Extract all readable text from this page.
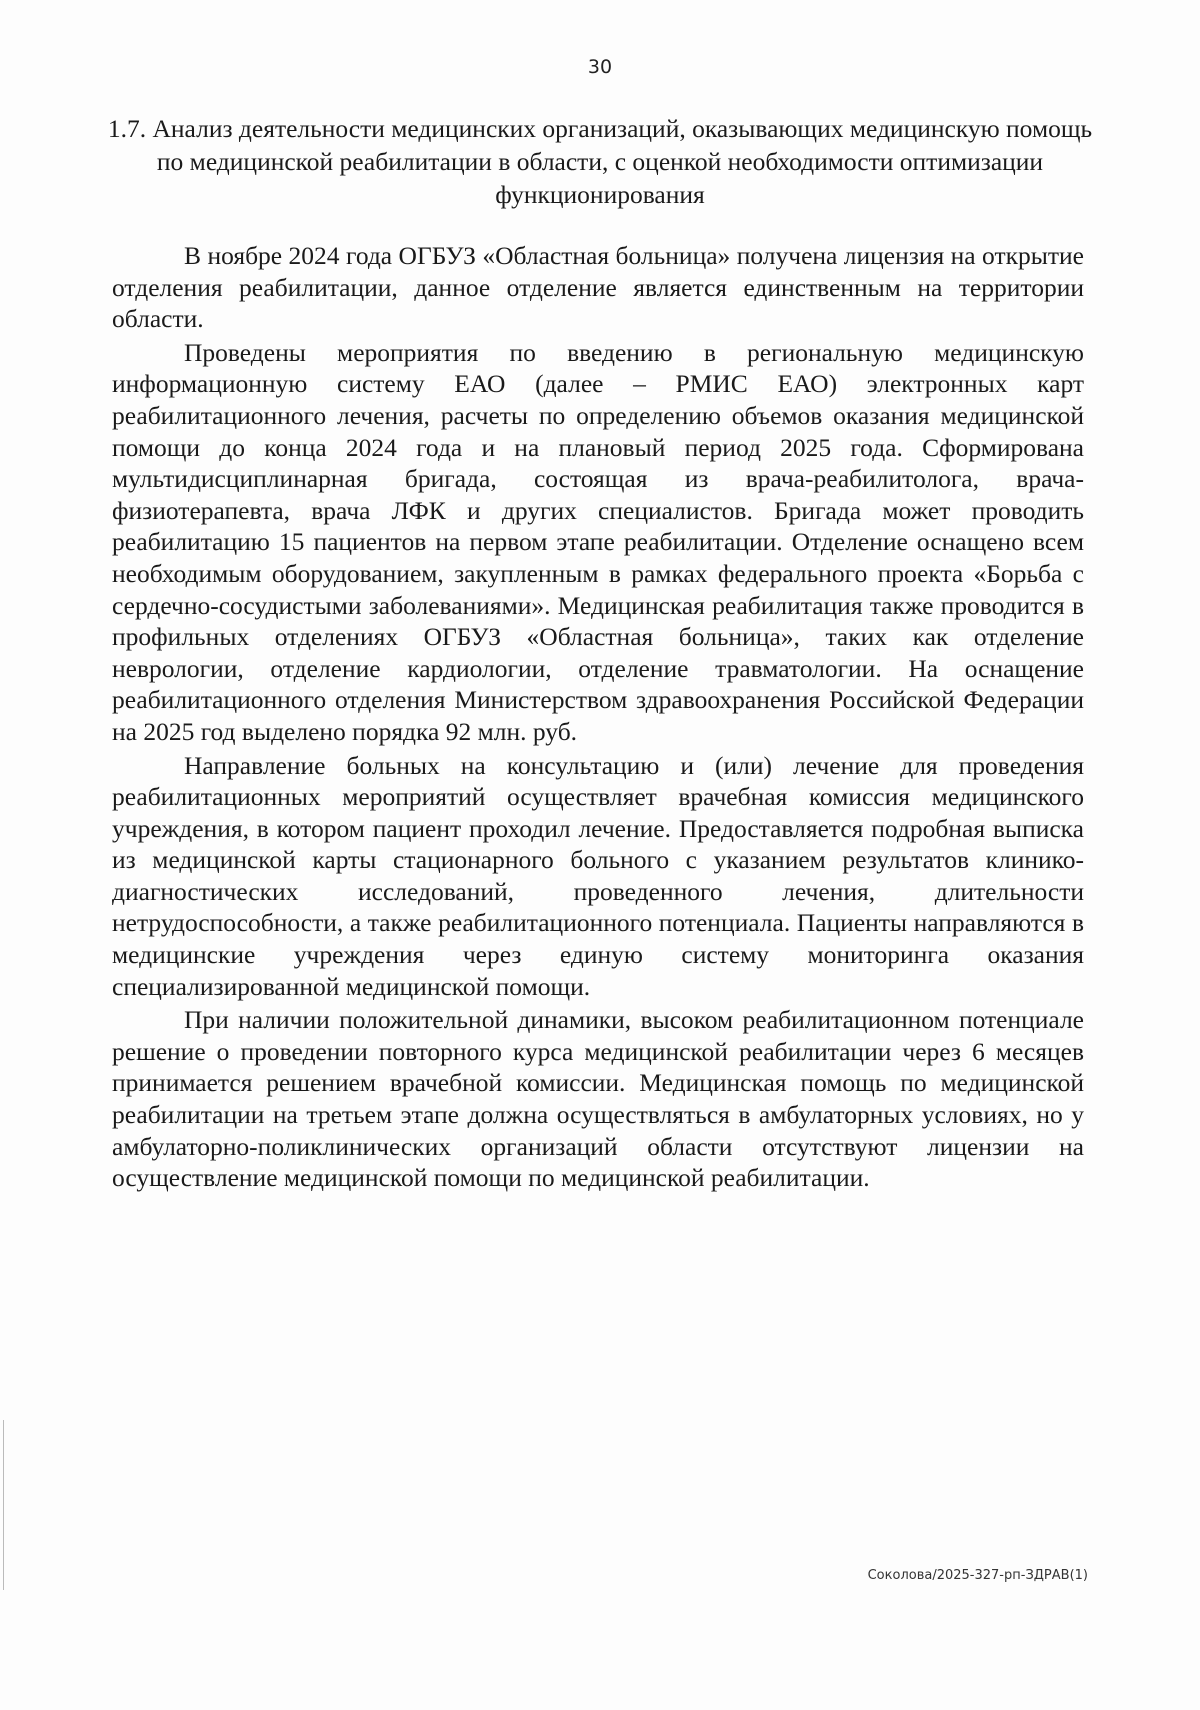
30
1.7. Анализ деятельности медицинских организаций, оказывающих медицинскую помощь по медицинской реабилитации в области, с оценкой необходимости оптимизации функционирования

В ноябре 2024 года ОГБУЗ «Областная больница» получена лицензия на открытие отделения реабилитации, данное отделение является единственным на территории области.

Проведены мероприятия по введению в региональную медицинскую информационную систему ЕАО (далее – РМИС ЕАО) электронных карт реабилитационного лечения, расчеты по определению объемов оказания медицинской помощи до конца 2024 года и на плановый период 2025 года. Сформирована мультидисциплинарная бригада, состоящая из врача-реабилитолога, врача-физиотерапевта, врача ЛФК и других специалистов. Бригада может проводить реабилитацию 15 пациентов на первом этапе реабилитации. Отделение оснащено всем необходимым оборудованием, закупленным в рамках федерального проекта «Борьба с сердечно-сосудистыми заболеваниями». Медицинская реабилитация также проводится в профильных отделениях ОГБУЗ «Областная больница», таких как отделение неврологии, отделение кардиологии, отделение травматологии. На оснащение реабилитационного отделения Министерством здравоохранения Российской Федерации на 2025 год выделено порядка 92 млн. руб.

Направление больных на консультацию и (или) лечение для проведения реабилитационных мероприятий осуществляет врачебная комиссия медицинского учреждения, в котором пациент проходил лечение. Предоставляется подробная выписка из медицинской карты стационарного больного с указанием результатов клинико-диагностических исследований, проведенного лечения, длительности нетрудоспособности, а также реабилитационного потенциала. Пациенты направляются в медицинские учреждения через единую систему мониторинга оказания специализированной медицинской помощи.

При наличии положительной динамики, высоком реабилитационном потенциале решение о проведении повторного курса медицинской реабилитации через 6 месяцев принимается решением врачебной комиссии. Медицинская помощь по медицинской реабилитации на третьем этапе должна осуществляться в амбулаторных условиях, но у амбулаторно-поликлинических организаций области отсутствуют лицензии на осуществление медицинской помощи по медицинской реабилитации.

Соколова/2025-327-рп-ЗДРАВ(1)
